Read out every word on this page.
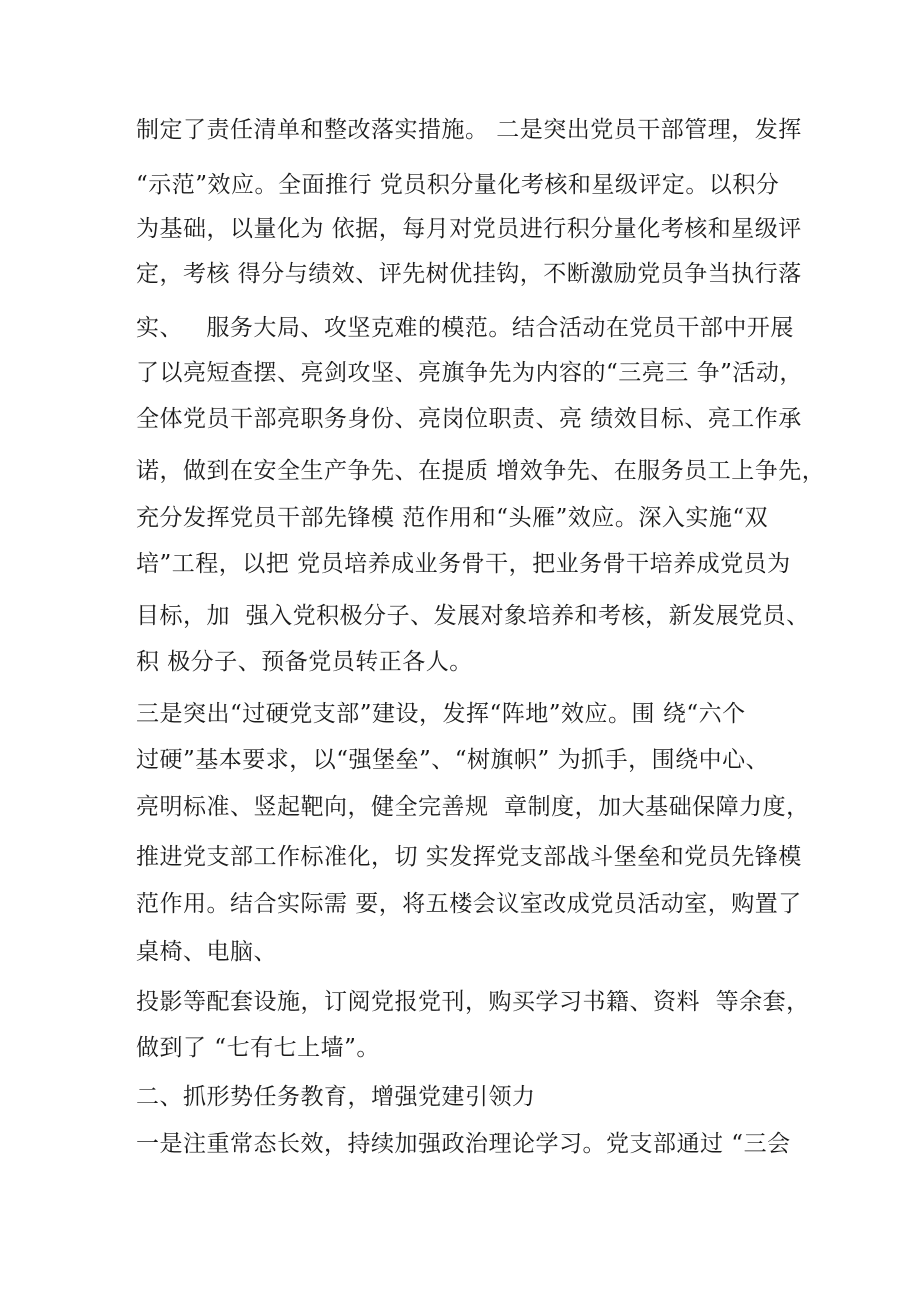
制定了责任清单和整改落实措施。 二是突出党员干部管理，发挥
“示范”效应。全面推行 党员积分量化考核和星级评定。以积分
为基础，以量化为 依据，每月对党员进行积分量化考核和星级评
定，考核 得分与绩效、评先树优挂钩，不断激励党员争当执行落
实、   服务大局、攻坚克难的模范。结合活动在党员干部中开展
了以亮短查摆、亮剑攻坚、亮旗争先为内容的“三亮三 争”活动，
全体党员干部亮职务身份、亮岗位职责、亮 绩效目标、亮工作承
诺，做到在安全生产争先、在提质 增效争先、在服务员工上争先，
充分发挥党员干部先锋模 范作用和“头雁”效应。深入实施“双
培”工程，以把 党员培养成业务骨干，把业务骨干培养成党员为
目标，加  强入党积极分子、发展对象培养和考核，新发展党员、
积 极分子、预备党员转正各人。
三是突出“过硬党支部”建设，发挥“阵地”效应。围 绕“六个
过硬”基本要求，以“强堡垒”、“树旗帜” 为抓手，围绕中心、
亮明标准、竖起靶向，健全完善规  章制度，加大基础保障力度，
推进党支部工作标准化，切 实发挥党支部战斗堡垒和党员先锋模
范作用。结合实际需 要，将五楼会议室改成党员活动室，购置了
桌椅、电脑、
投影等配套设施，订阅党报党刊，购买学习书籍、资料  等余套，
做到了 “七有七上墙”。
二、抓形势任务教育，增强党建引领力
一是注重常态长效，持续加强政治理论学习。党支部通过 “三会
